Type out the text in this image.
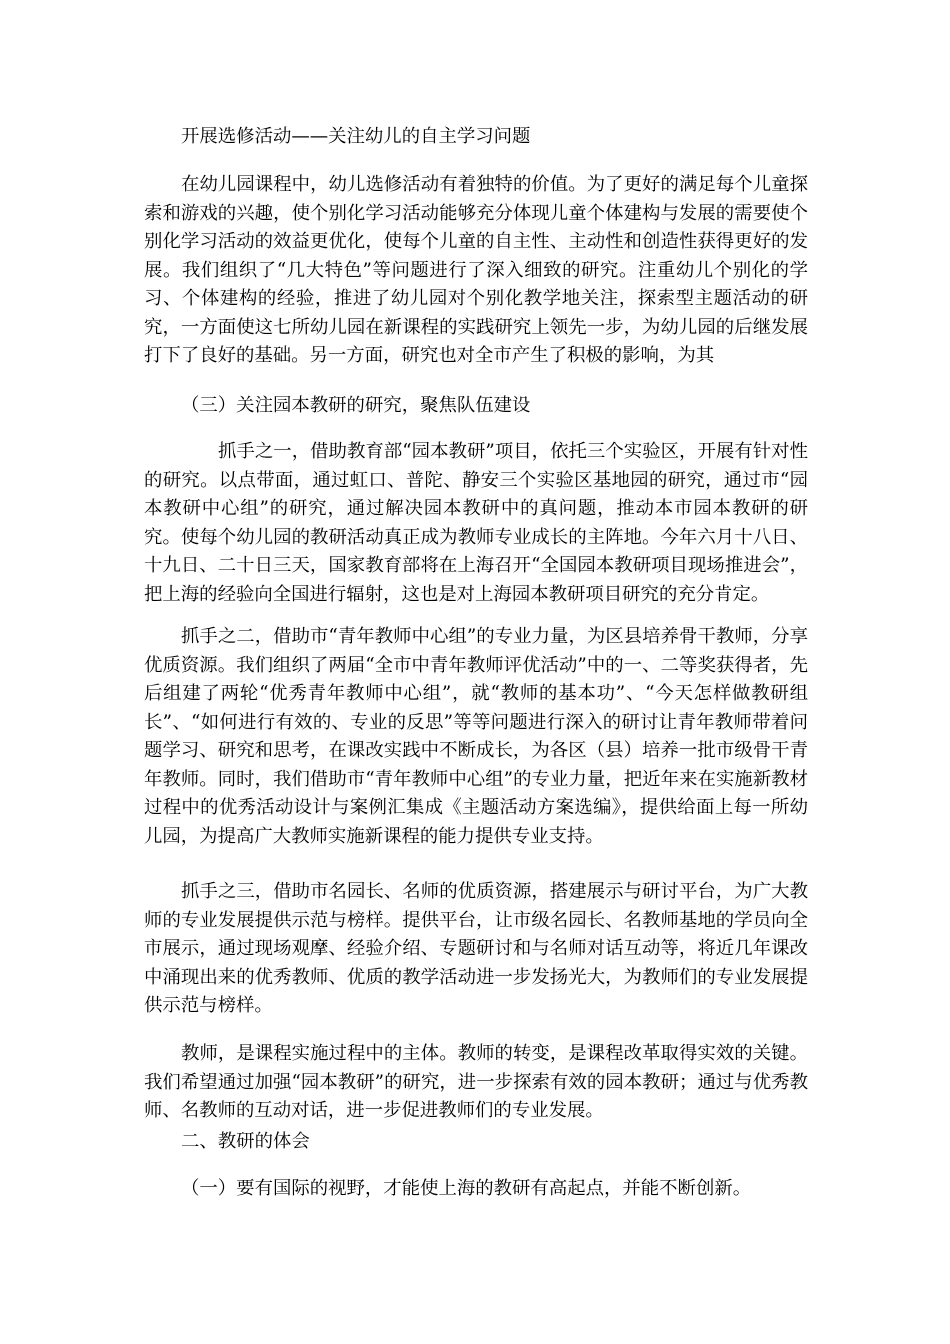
开展选修活动——关注幼儿的自主学习问题

在幼儿园课程中，幼儿选修活动有着独特的价值。为了更好的满足每个儿童探索和游戏的兴趣，使个别化学习活动能够充分体现儿童个体建构与发展的需要使个别化学习活动的效益更优化，使每个儿童的自主性、主动性和创造性获得更好的发展。我们组织了“几大特色”等问题进行了深入细致的研究。注重幼儿个别化的学习、个体建构的经验，推进了幼儿园对个别化教学地关注，探索型主题活动的研究，一方面使这七所幼儿园在新课程的实践研究上领先一步，为幼儿园的后继发展打下了良好的基础。另一方面，研究也对全市产生了积极的影响，为其

（三）关注园本教研的研究，聚焦队伍建设

抓手之一，借助教育部“园本教研”项目，依托三个实验区，开展有针对性的研究。以点带面，通过虹口、普陀、静安三个实验区基地园的研究，通过市“园本教研中心组”的研究，通过解决园本教研中的真问题，推动本市园本教研的研究。使每个幼儿园的教研活动真正成为教师专业成长的主阵地。今年六月十八日、十九日、二十日三天，国家教育部将在上海召开“全国园本教研项目现场推进会”，把上海的经验向全国进行辐射，这也是对上海园本教研项目研究的充分肯定。

抓手之二，借助市“青年教师中心组”的专业力量，为区县培养骨干教师，分享优质资源。我们组织了两届“全市中青年教师评优活动”中的一、二等奖获得者，先后组建了两轮“优秀青年教师中心组”，就“教师的基本功”、“今天怎样做教研组长”、“如何进行有效的、专业的反思”等等问题进行深入的研讨让青年教师带着问题学习、研究和思考，在课改实践中不断成长，为各区（县）培养一批市级骨干青年教师。同时，我们借助市“青年教师中心组”的专业力量，把近年来在实施新教材过程中的优秀活动设计与案例汇集成《主题活动方案选编》，提供给面上每一所幼儿园，为提高广大教师实施新课程的能力提供专业支持。

抓手之三，借助市名园长、名师的优质资源，搭建展示与研讨平台，为广大教师的专业发展提供示范与榜样。提供平台，让市级名园长、名教师基地的学员向全市展示，通过现场观摩、经验介绍、专题研讨和与名师对话互动等，将近几年课改中涌现出来的优秀教师、优质的教学活动进一步发扬光大，为教师们的专业发展提供示范与榜样。

教师，是课程实施过程中的主体。教师的转变，是课程改革取得实效的关键。我们希望通过加强“园本教研”的研究，进一步探索有效的园本教研；通过与优秀教师、名教师的互动对话，进一步促进教师们的专业发展。

二、教研的体会

（一）要有国际的视野，才能使上海的教研有高起点，并能不断创新。
